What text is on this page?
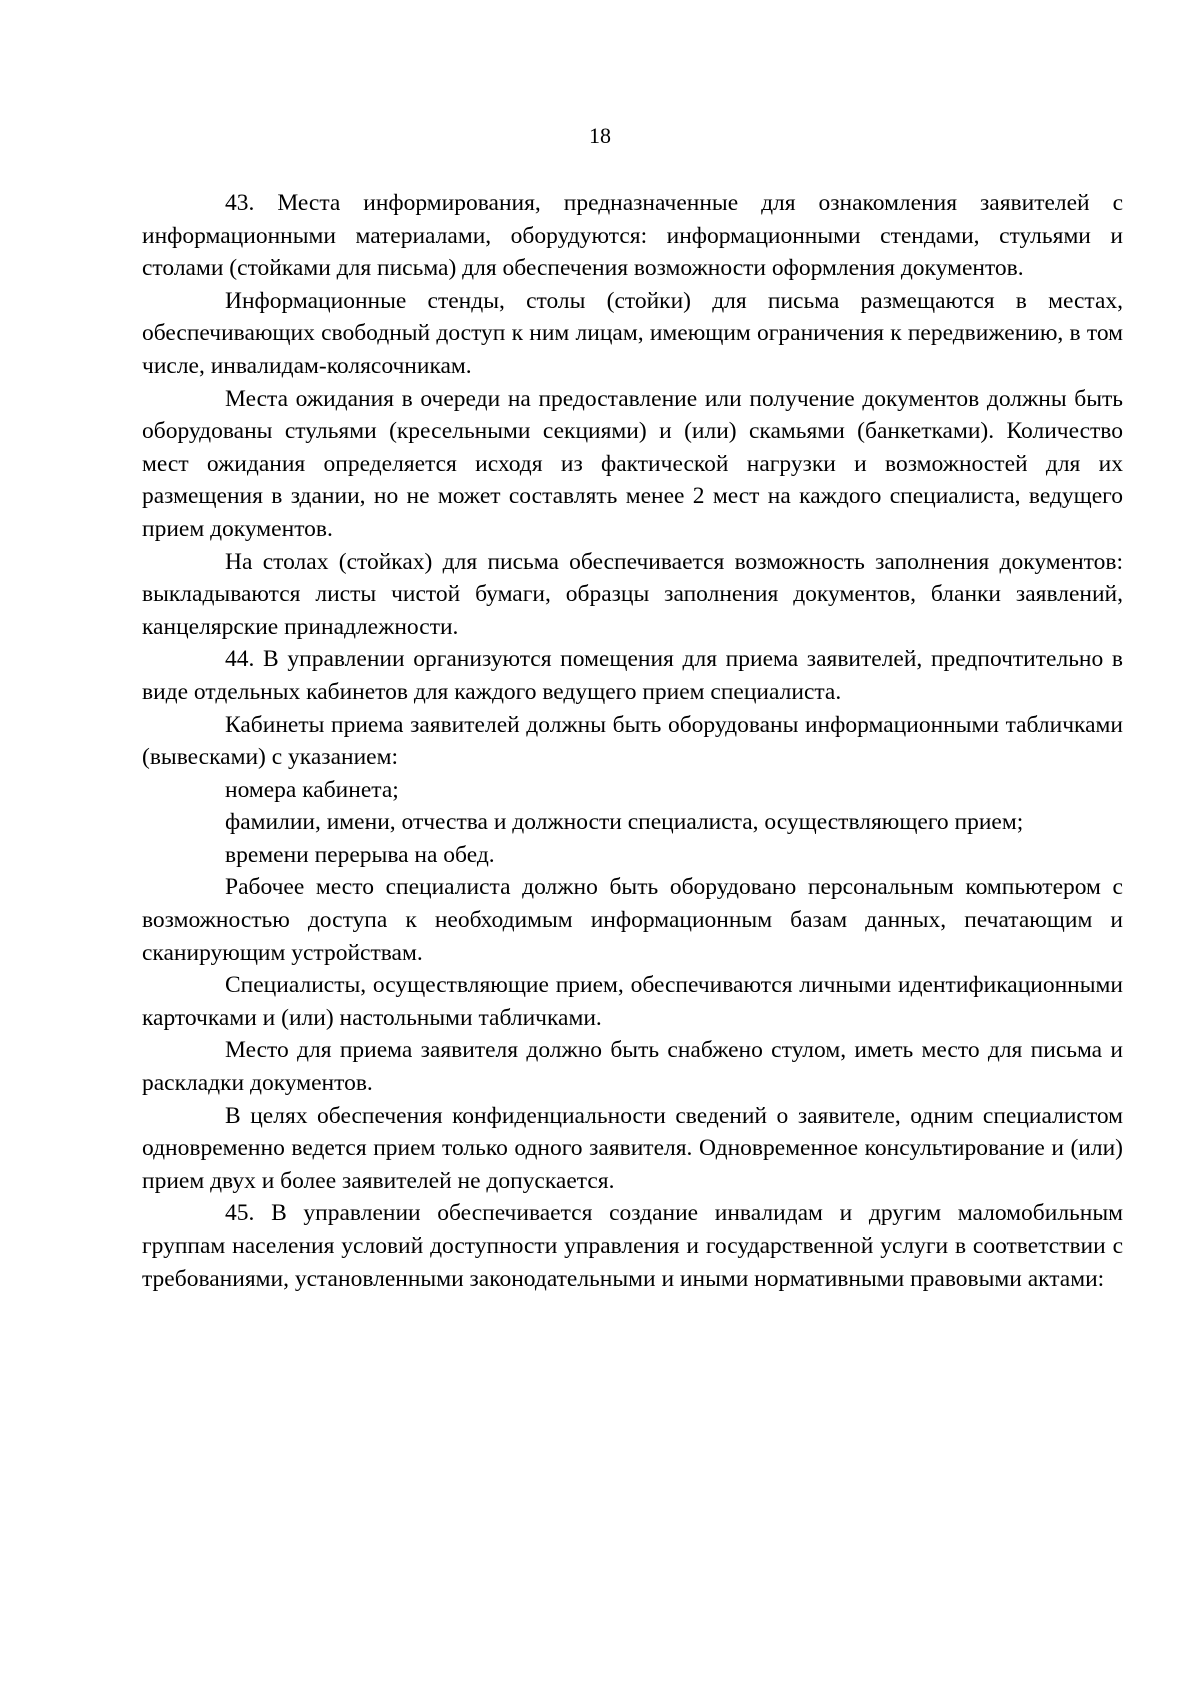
18

43. Места информирования, предназначенные для ознакомления заявителей с информационными материалами, оборудуются: информационными стендами, стульями и столами (стойками для письма) для обеспечения возможности оформления документов.

Информационные стенды, столы (стойки) для письма размещаются в местах, обеспечивающих свободный доступ к ним лицам, имеющим ограничения к передвижению, в том числе, инвалидам-колясочникам.

Места ожидания в очереди на предоставление или получение документов должны быть оборудованы стульями (кресельными секциями) и (или) скамьями (банкетками). Количество мест ожидания определяется исходя из фактической нагрузки и возможностей для их размещения в здании, но не может составлять менее 2 мест на каждого специалиста, ведущего прием документов.

На столах (стойках) для письма обеспечивается возможность заполнения документов: выкладываются листы чистой бумаги, образцы заполнения документов, бланки заявлений, канцелярские принадлежности.

44. В управлении организуются помещения для приема заявителей, предпочтительно в виде отдельных кабинетов для каждого ведущего прием специалиста.

Кабинеты приема заявителей должны быть оборудованы информационными табличками (вывесками) с указанием:

номера кабинета;

фамилии, имени, отчества и должности специалиста, осуществляющего прием;

времени перерыва на обед.

Рабочее место специалиста должно быть оборудовано персональным компьютером с возможностью доступа к необходимым информационным базам данных, печатающим и сканирующим устройствам.

Специалисты, осуществляющие прием, обеспечиваются личными идентификационными карточками и (или) настольными табличками.

Место для приема заявителя должно быть снабжено стулом, иметь место для письма и раскладки документов.

В целях обеспечения конфиденциальности сведений о заявителе, одним специалистом одновременно ведется прием только одного заявителя. Одновременное консультирование и (или) прием двух и более заявителей не допускается.

45. В управлении обеспечивается создание инвалидам и другим маломобильным группам населения условий доступности управления и государственной услуги в соответствии с требованиями, установленными законодательными и иными нормативными правовыми актами:
